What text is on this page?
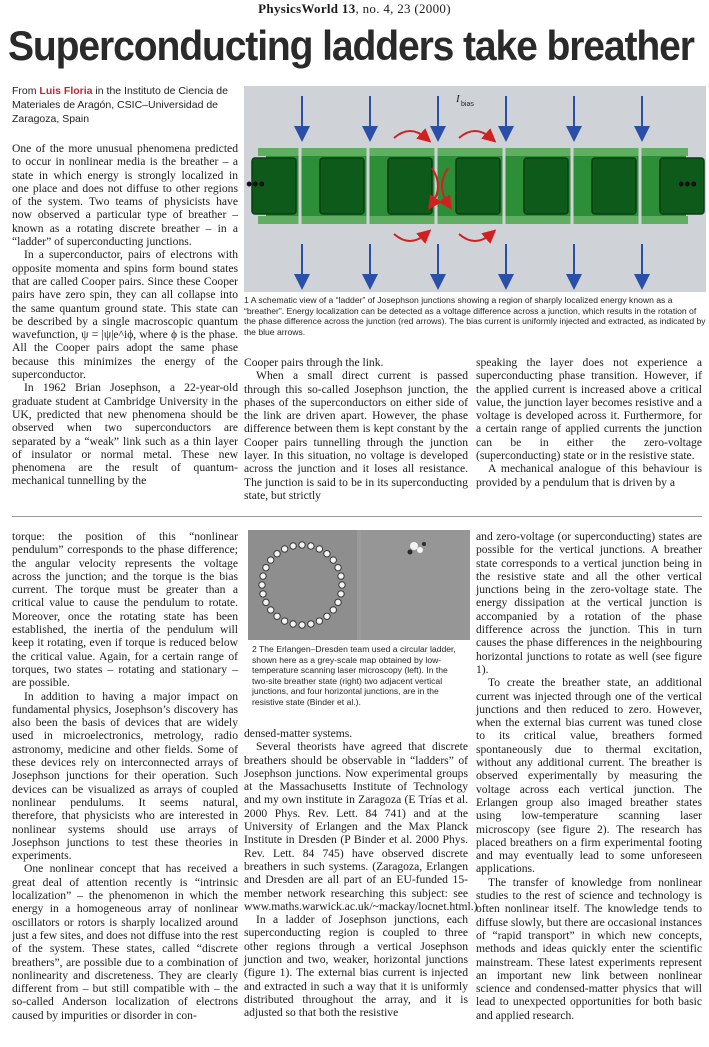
PhysicsWorld 13, no. 4, 23 (2000)
Superconducting ladders take breather
From Luis Floria in the Instituto de Ciencia de Materiales de Aragón, CSIC–Universidad de Zaragoza, Spain
•••	•••
I bias
1 A schematic view of a “ladder” of Josephson junctions showing a region of sharply localized energy known as a “breather”. Energy localization can be detected as a voltage difference across a junction, which results in the rotation of the phase difference across the junction (red arrows). The bias current is uniformly injected and extracted, as indicated by the blue arrows.

One of the more unusual phenomena predicted to occur in nonlinear media is the breather – a state in which energy is strongly localized in one place and does not diffuse to other regions of the system. Two teams of physicists have now observed a particular type of breather – known as a rotating discrete breather – in a “ladder” of superconducting junctions.

In a superconductor, pairs of electrons with opposite momenta and spins form bound states that are called Cooper pairs. Since these Cooper pairs have zero spin, they can all collapse into the same quantum ground state. This state can be described by a single macroscopic quantum wavefunction, ψ = |ψ|e^iϕ, where ϕ is the phase. All the Cooper pairs adopt the same phase because this minimizes the energy of the superconductor.

In 1962 Brian Josephson, a 22-year-old graduate student at Cambridge University in the UK, predicted that new phenomena should be observed when two superconductors are separated by a “weak” link such as a thin layer of insulator or normal metal. These new phenomena are the result of quantum-mechanical tunnelling by the

Cooper pairs through the link.

When a small direct current is passed through this so-called Josephson junction, the phases of the superconductors on either side of the link are driven apart. However, the phase difference between them is kept constant by the Cooper pairs tunnelling through the junction layer. In this situation, no voltage is developed across the junction and it loses all resistance. The junction is said to be in its superconducting state, but strictly

speaking the layer does not experience a superconducting phase transition. However, if the applied current is increased above a critical value, the junction layer becomes resistive and a voltage is developed across it. Furthermore, for a certain range of applied currents the junction can be in either the zero-voltage (superconducting) state or in the resistive state.

A mechanical analogue of this behaviour is provided by a pendulum that is driven by a

torque: the position of this “nonlinear pendulum” corresponds to the phase difference; the angular velocity represents the voltage across the junction; and the torque is the bias current. The torque must be greater than a critical value to cause the pendulum to rotate. Moreover, once the rotating state has been established, the inertia of the pendulum will keep it rotating, even if torque is reduced below the critical value. Again, for a certain range of torques, two states – rotating and stationary – are possible.

In addition to having a major impact on fundamental physics, Josephson’s discovery has also been the basis of devices that are widely used in microelectronics, metrology, radio astronomy, medicine and other fields. Some of these devices rely on interconnected arrays of Josephson junctions for their operation. Such devices can be visualized as arrays of coupled nonlinear pendulums. It seems natural, therefore, that physicists who are interested in nonlinear systems should use arrays of Josephson junctions to test these theories in experiments.

One nonlinear concept that has received a great deal of attention recently is “intrinsic localization” – the phenomenon in which the energy in a homogeneous array of nonlinear oscillators or rotors is sharply localized around just a few sites, and does not diffuse into the rest of the system. These states, called “discrete breathers”, are possible due to a combination of nonlinearity and discreteness. They are clearly different from – but still compatible with – the so-called Anderson localization of electrons caused by impurities or disorder in con-

2 The Erlangen–Dresden team used a circular ladder, shown here as a grey-scale map obtained by low-temperature scanning laser microscopy (left). In the two-site breather state (right) two adjacent vertical junctions, and four horizontal junctions, are in the resistive state (Binder et al.).

densed-matter systems.

Several theorists have agreed that discrete breathers should be observable in “ladders” of Josephson junctions. Now experimental groups at the Massachusetts Institute of Technology and my own institute in Zaragoza (E Trías et al. 2000 Phys. Rev. Lett. 84 741) and at the University of Erlangen and the Max Planck Institute in Dresden (P Binder et al. 2000 Phys. Rev. Lett. 84 745) have observed discrete breathers in such systems. (Zaragoza, Erlangen and Dresden are all part of an EU-funded 15-member network researching this subject: see www.maths.warwick.ac.uk/~mackay/locnet.html.)

In a ladder of Josephson junctions, each superconducting region is coupled to three other regions through a vertical Josephson junction and two, weaker, horizontal junctions (figure 1). The external bias current is injected and extracted in such a way that it is uniformly distributed throughout the array, and it is adjusted so that both the resistive

and zero-voltage (or superconducting) states are possible for the vertical junctions. A breather state corresponds to a vertical junction being in the resistive state and all the other vertical junctions being in the zero-voltage state. The energy dissipation at the vertical junction is accompanied by a rotation of the phase difference across the junction. This in turn causes the phase differences in the neighbouring horizontal junctions to rotate as well (see figure 1).

To create the breather state, an additional current was injected through one of the vertical junctions and then reduced to zero. However, when the external bias current was tuned close to its critical value, breathers formed spontaneously due to thermal excitation, without any additional current. The breather is observed experimentally by measuring the voltage across each vertical junction. The Erlangen group also imaged breather states using low-temperature scanning laser microscopy (see figure 2). The research has placed breathers on a firm experimental footing and may eventually lead to some unforeseen applications.

The transfer of knowledge from nonlinear studies to the rest of science and technology is often nonlinear itself. The knowledge tends to diffuse slowly, but there are occasional instances of “rapid transport” in which new concepts, methods and ideas quickly enter the scientific mainstream. These latest experiments represent an important new link between nonlinear science and condensed-matter physics that will lead to unexpected opportunities for both basic and applied research.
